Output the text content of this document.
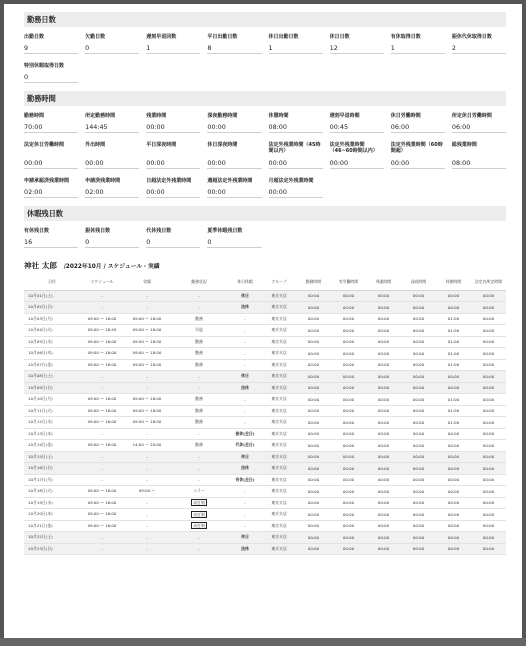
勤務日数
出勤日数
9
欠勤日数
0
遅刻早退回数
1
平日出勤日数
8
休日出勤日数
1
休日日数
12
有休取得日数
1
振休代休取得日数
2
特別休暇取得日数
0
勤務時間
勤務時間
70:00
所定勤務時間
144:45
残業時間
00:00
深夜勤務時間
00:00
休憩時間
08:00
遅刻早退時間
00:45
休日労働時間
06:00
所定休日労働時間
06:00
法定休日労働時間
00:00
外出時間
00:00
平日深夜時間
00:00
休日深夜時間
00:00
法定外残業時間（45時間以内）
00:00
法定外残業時間（46~60時間以内）
00:00
法定外残業時間（60時間超）
00:00
総残業時間
08:00
申請承認済残業時間
02:00
申請済残業時間
02:00
日超法定外残業時間
00:00
週超法定外残業時間
00:00
月超法定外残業時間
00:00
休暇残日数
有休残日数
16
振休残日数
0
代休残日数
0
夏季休暇残日数
0
神社 太郎 /2022年10月 / スケジュール・実績
日付	スケジュール	実績	勤務状況	休日休暇	グループ	勤務時間	実労働時間	残業時間	深夜時間	休憩時間	法定内所定時間	
10月01日(土)	-	-	-	休日	東京支店	00:00	00:00	00:00	00:00	00:00	00:00	
10月02日(日)	-	-	-	法休	東京支店	00:00	00:00	00:00	00:00	00:00	00:00	
10月03日(月)	09:00 ～ 18:00	09:00 ～ 18:00	勤務	-	東京支店	00:00	00:00	00:00	00:00	01:00	00:00	
10月04日(火)	09:00 ～ 18:45	09:00 ～ 18:00	早退	-	東京支店	00:00	00:00	00:00	00:00	01:00	00:00	
10月05日(水)	09:00 ～ 18:00	09:00 ～ 18:00	勤務	-	東京支店	00:00	00:00	00:00	00:00	01:00	00:00	
10月06日(木)	09:00 ～ 18:00	09:00 ～ 18:00	勤務	-	東京支店	00:00	00:00	00:00	00:00	01:00	00:00	
10月07日(金)	09:00 ～ 18:00	09:00 ～ 18:00	勤務	-	東京支店	00:00	00:00	00:00	00:00	01:00	00:00	
10月08日(土)	-	-	-	休日	東京支店	00:00	00:00	00:00	00:00	00:00	00:00	
10月09日(日)	-	-	-	法休	東京支店	00:00	00:00	00:00	00:00	00:00	00:00	
10月10日(月)	09:00 ～ 18:00	09:00 ～ 18:00	勤務	-	東京支店	00:00	00:00	00:00	00:00	01:00	00:00	
10月11日(火)	09:00 ～ 18:00	09:00 ～ 18:00	勤務	-	東京支店	00:00	00:00	00:00	00:00	01:00	00:00	
10月12日(水)	09:00 ～ 18:00	09:00 ～ 18:00	勤務	-	東京支店	00:00	00:00	00:00	00:00	01:00	00:00	
10月13日(木)	-	-	-	振休(全日)	東京支店	00:00	00:00	00:00	00:00	00:00	00:00	
10月14日(金)	09:00 ～ 18:00	14:00 ～ 20:00	勤務	代休(全日)	東京支店	00:00	00:00	00:00	00:00	00:00	00:00	
10月15日(土)	-	-	-	休日	東京支店	00:00	00:00	00:00	00:00	00:00	00:00	
10月16日(日)	-	-	-	法休	東京支店	00:00	00:00	00:00	00:00	00:00	00:00	
10月17日(月)	-	-	-	有休(全日)	東京支店	00:00	00:00	00:00	00:00	00:00	00:00	
10月18日(火)	09:00 ～ 18:00	09:00 ～	エラー	-	東京支店	00:00	00:00	00:00	00:00	00:00	00:00	
10月19日(水)	09:00 ～ 18:00	-	未打刻	-	東京支店	00:00	00:00	00:00	00:00	00:00	00:00	
10月20日(木)	09:00 ～ 18:00	-	未打刻	-	東京支店	00:00	00:00	00:00	00:00	00:00	00:00	
10月21日(金)	09:00 ～ 18:00	-	未打刻	-	東京支店	00:00	00:00	00:00	00:00	00:00	00:00	
10月22日(土)	-	-	-	休日	東京支店	00:00	00:00	00:00	00:00	00:00	00:00	
10月23日(日)	-	-	-	法休	東京支店	00:00	00:00	00:00	00:00	00:00	00:00	
